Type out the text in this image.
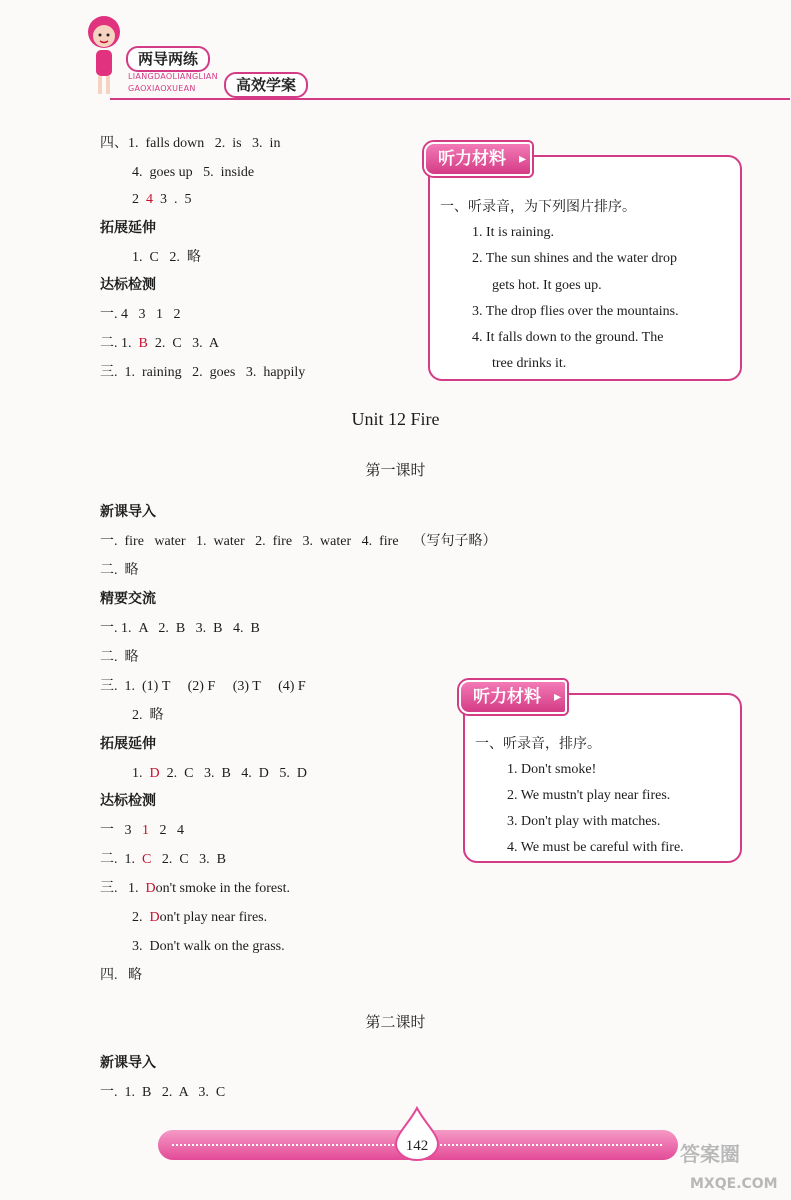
两导两练
LIANGDAOLIANGLIAN
GAOXIAOXUEAN	高效学案
四、1.  falls down   2.  is   3.  in
4.  goes up   5.  inside
2  4  3  .  5
拓展延伸
1.  C   2.  略
达标检测
一. 4   3   1   2
二. 1.  B  2.  C   3.  A
三.  1.  raining   2.  goes   3.  happily
一、听录音，为下列图片排序。
1. It is raining.
2. The sun shines and the water drop
gets hot. It goes up.
3. The drop flies over the mountains.
4. It falls down to the ground. The
tree drinks it.
听力材料 ▸
Unit 12 Fire
第一课时
新课导入
一.  fire   water   1.  water   2.  fire   3.  water   4.  fire    （写句子略）
二.  略
精要交流
一. 1.  A   2.  B   3.  B   4.  B
二.  略
三.  1.  (1) T     (2) F     (3) T     (4) F
2.  略
拓展延伸
1.  D  2.  C   3.  B   4.  D   5.  D
达标检测
一   3   1   2   4
二.  1.  C   2.  C   3.  B
三.   1.  Don't smoke in the forest.
2.  Don't play near fires.
3.  Don't walk on the grass.
四.   略
一、听录音，排序。
1. Don't smoke!
2. We mustn't play near fires.
3. Don't play with matches.
4. We must be careful with fire.
听力材料 ▸
第二课时
新课导入
一.  1.  B   2.  A   3.  C
142	答案圈
MXQE.COM
